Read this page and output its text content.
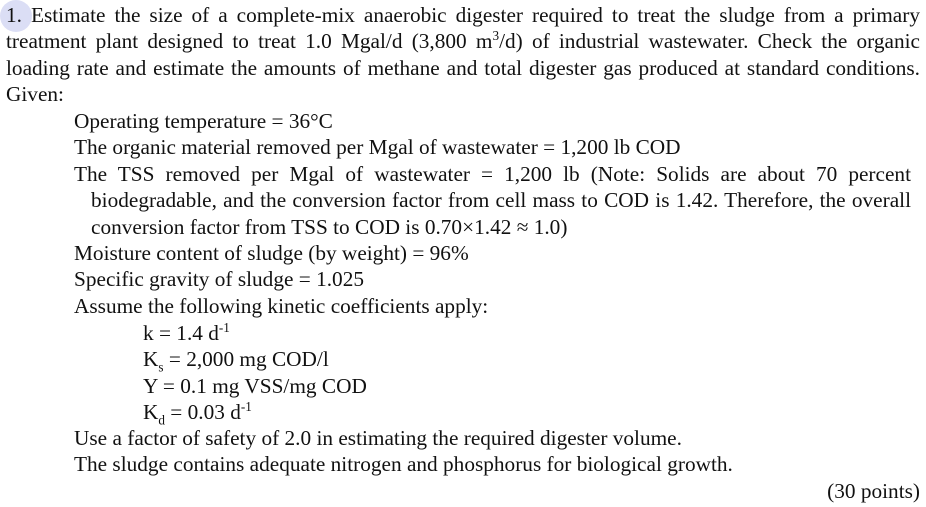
1. Estimate the size of a complete-mix anaerobic digester required to treat the sludge from a primary treatment plant designed to treat 1.0 Mgal/d (3,800 $m^3/d$) of industrial wastewater. Check the organic loading rate and estimate the amounts of methane and total digester gas produced at standard conditions. Given:
Operating temperature = 36°C
The organic material removed per Mgal of wastewater = 1,200 lb COD
The TSS removed per Mgal of wastewater = 1,200 lb (Note: Solids are about 70 percent biodegradable, and the conversion factor from cell mass to COD is 1.42. Therefore, the overall conversion factor from TSS to COD is 0.70×1.42 ≈ 1.0)
Moisture content of sludge (by weight) = 96%
Specific gravity of sludge = 1.025
Assume the following kinetic coefficients apply:
k = 1.4 $d^{-1}$
$K_s = 2,000$ mg COD/l
Y = 0.1 mg VSS/mg COD
$K_d = 0.03$ $d^{-1}$
Use a factor of safety of 2.0 in estimating the required digester volume.
The sludge contains adequate nitrogen and phosphorus for biological growth.
(30 points)
